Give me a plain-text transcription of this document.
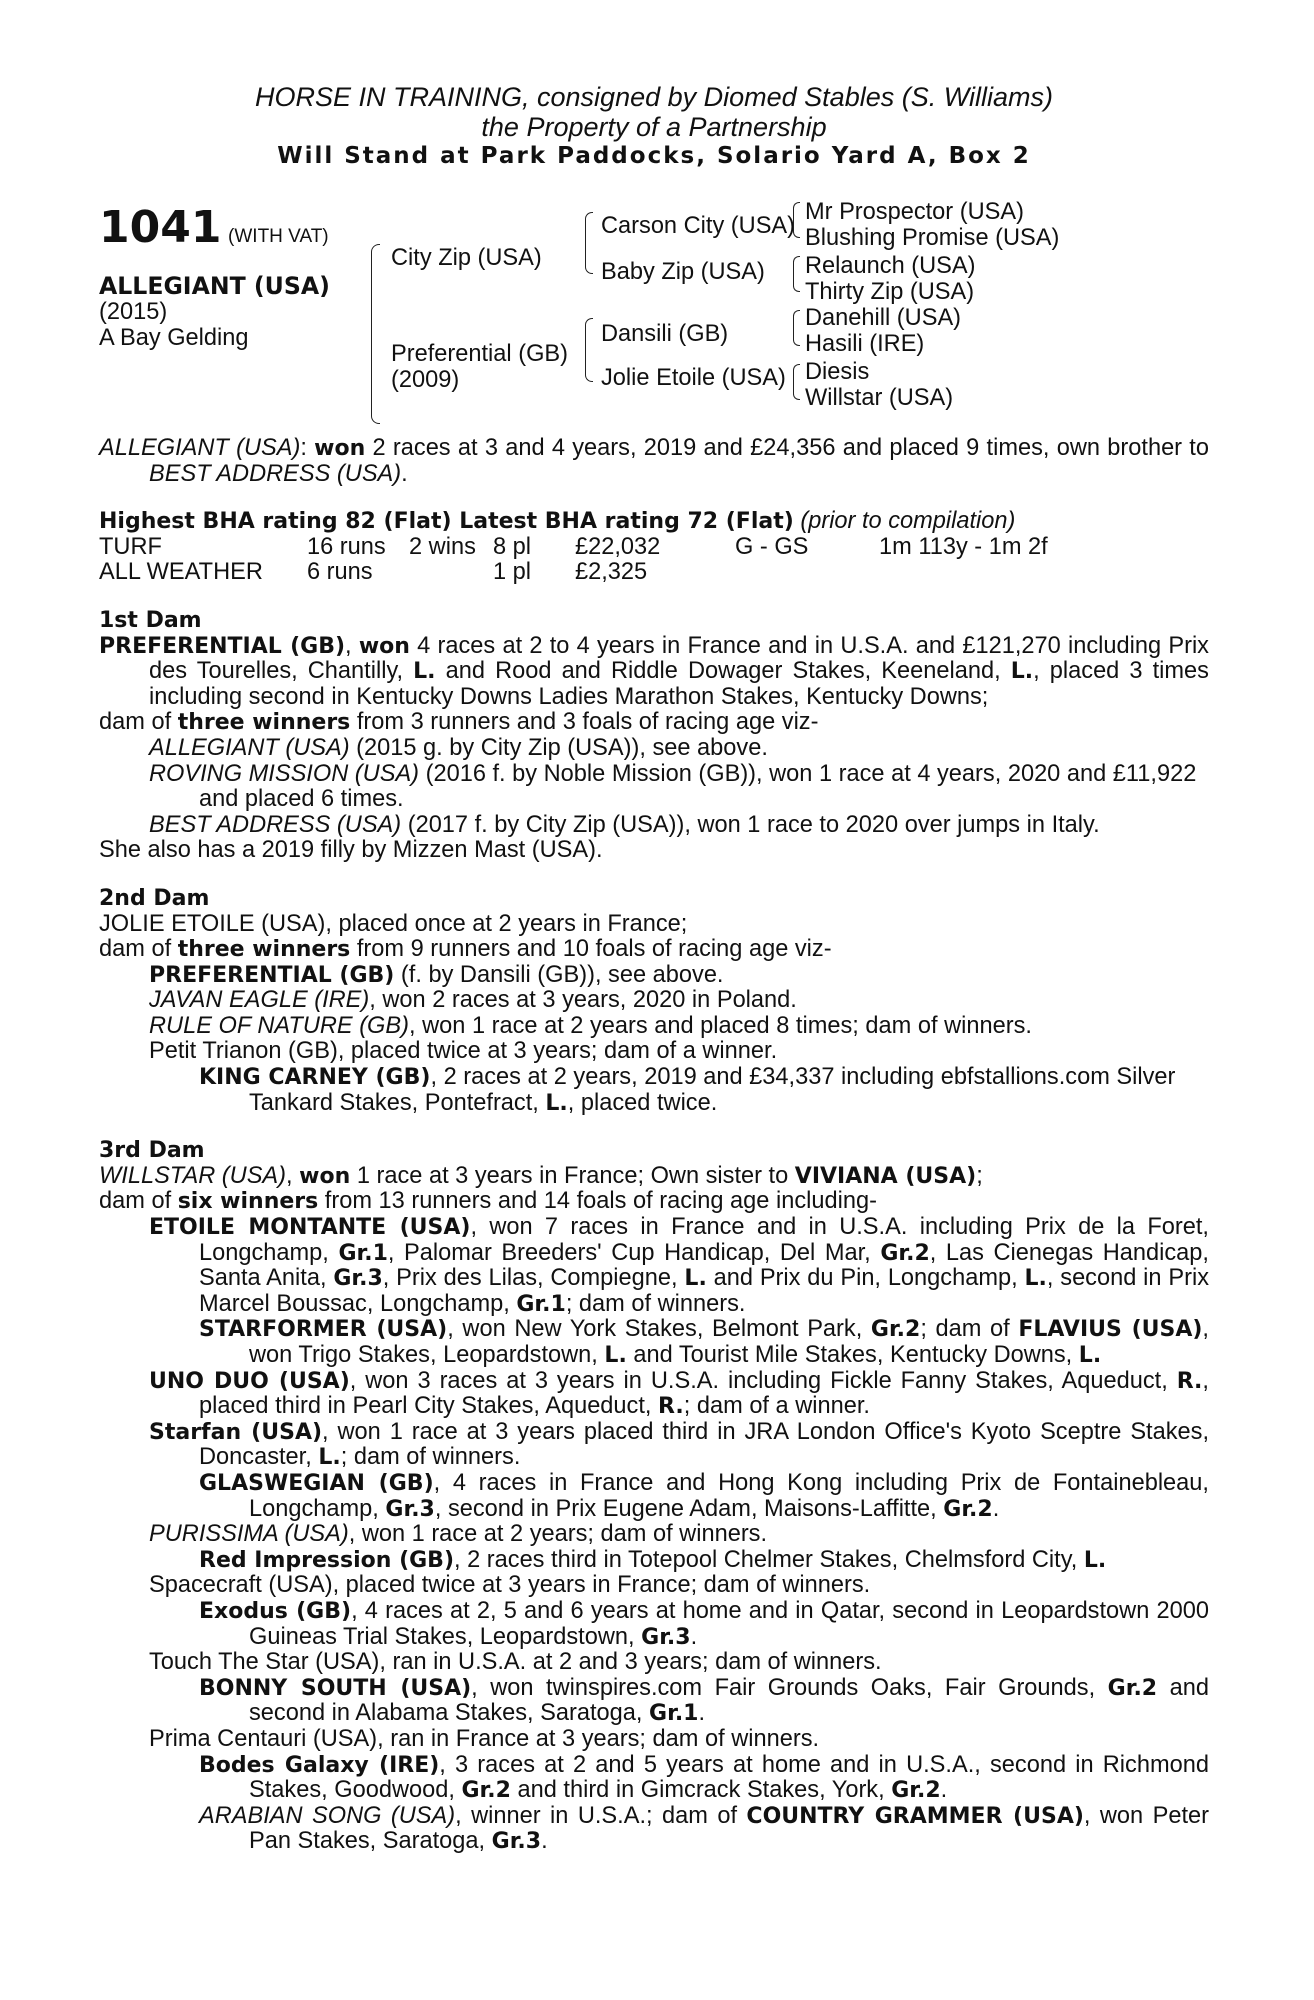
HORSE IN TRAINING, consigned by Diomed Stables (S. Williams)
the Property of a Partnership
Will Stand at Park Paddocks, Solario Yard A, Box 2
1041 (WITH VAT)
ALLEGIANT (USA)
(2015)
A Bay Gelding
City Zip (USA)
Preferential (GB)
(2009)
Carson City (USA)
Baby Zip (USA)
Dansili (GB)
Jolie Etoile (USA)
Mr Prospector (USA)
Blushing Promise (USA)
Relaunch (USA)
Thirty Zip (USA)
Danehill (USA)
Hasili (IRE)
Diesis
Willstar (USA)

ALLEGIANT (USA): won 2 races at 3 and 4 years, 2019 and £24,356 and placed 9 times, own brother to BEST ADDRESS (USA).

Highest BHA rating 82 (Flat) Latest BHA rating 72 (Flat) (prior to compilation)

TURF	16 runs 2 wins 8 pl £22,032	G - GS	1m 113y - 1m 2f
ALL WEATHER 6 runs	1 pl £2,325

1st Dam

PREFERENTIAL (GB), won 4 races at 2 to 4 years in France and in U.S.A. and £121,270 including Prix des Tourelles, Chantilly, L. and Rood and Riddle Dowager Stakes, Keeneland, L., placed 3 times including second in Kentucky Downs Ladies Marathon Stakes, Kentucky Downs;

dam of three winners from 3 runners and 3 foals of racing age viz-

ALLEGIANT (USA) (2015 g. by City Zip (USA)), see above.

ROVING MISSION (USA) (2016 f. by Noble Mission (GB)), won 1 race at 4 years, 2020 and £11,922 and placed 6 times.

BEST ADDRESS (USA) (2017 f. by City Zip (USA)), won 1 race to 2020 over jumps in Italy.

She also has a 2019 filly by Mizzen Mast (USA).

2nd Dam

JOLIE ETOILE (USA), placed once at 2 years in France;

dam of three winners from 9 runners and 10 foals of racing age viz-

PREFERENTIAL (GB) (f. by Dansili (GB)), see above.

JAVAN EAGLE (IRE), won 2 races at 3 years, 2020 in Poland.

RULE OF NATURE (GB), won 1 race at 2 years and placed 8 times; dam of winners.

Petit Trianon (GB), placed twice at 3 years; dam of a winner.

KING CARNEY (GB), 2 races at 2 years, 2019 and £34,337 including ebfstallions.com Silver Tankard Stakes, Pontefract, L., placed twice.

3rd Dam

WILLSTAR (USA), won 1 race at 3 years in France; Own sister to VIVIANA (USA);

dam of six winners from 13 runners and 14 foals of racing age including-

ETOILE MONTANTE (USA), won 7 races in France and in U.S.A. including Prix de la Foret, Longchamp, Gr.1, Palomar Breeders' Cup Handicap, Del Mar, Gr.2, Las Cienegas Handicap, Santa Anita, Gr.3, Prix des Lilas, Compiegne, L. and Prix du Pin, Longchamp, L., second in Prix Marcel Boussac, Longchamp, Gr.1; dam of winners.

STARFORMER (USA), won New York Stakes, Belmont Park, Gr.2; dam of FLAVIUS (USA), won Trigo Stakes, Leopardstown, L. and Tourist Mile Stakes, Kentucky Downs, L.

UNO DUO (USA), won 3 races at 3 years in U.S.A. including Fickle Fanny Stakes, Aqueduct, R., placed third in Pearl City Stakes, Aqueduct, R.; dam of a winner.

Starfan (USA), won 1 race at 3 years placed third in JRA London Office's Kyoto Sceptre Stakes, Doncaster, L.; dam of winners.

GLASWEGIAN (GB), 4 races in France and Hong Kong including Prix de Fontainebleau, Longchamp, Gr.3, second in Prix Eugene Adam, Maisons-Laffitte, Gr.2.

PURISSIMA (USA), won 1 race at 2 years; dam of winners.

Red Impression (GB), 2 races third in Totepool Chelmer Stakes, Chelmsford City, L.

Spacecraft (USA), placed twice at 3 years in France; dam of winners.

Exodus (GB), 4 races at 2, 5 and 6 years at home and in Qatar, second in Leopardstown 2000 Guineas Trial Stakes, Leopardstown, Gr.3.

Touch The Star (USA), ran in U.S.A. at 2 and 3 years; dam of winners.

BONNY SOUTH (USA), won twinspires.com Fair Grounds Oaks, Fair Grounds, Gr.2 and second in Alabama Stakes, Saratoga, Gr.1.

Prima Centauri (USA), ran in France at 3 years; dam of winners.

Bodes Galaxy (IRE), 3 races at 2 and 5 years at home and in U.S.A., second in Richmond Stakes, Goodwood, Gr.2 and third in Gimcrack Stakes, York, Gr.2.

ARABIAN SONG (USA), winner in U.S.A.; dam of COUNTRY GRAMMER (USA), won Peter Pan Stakes, Saratoga, Gr.3.
